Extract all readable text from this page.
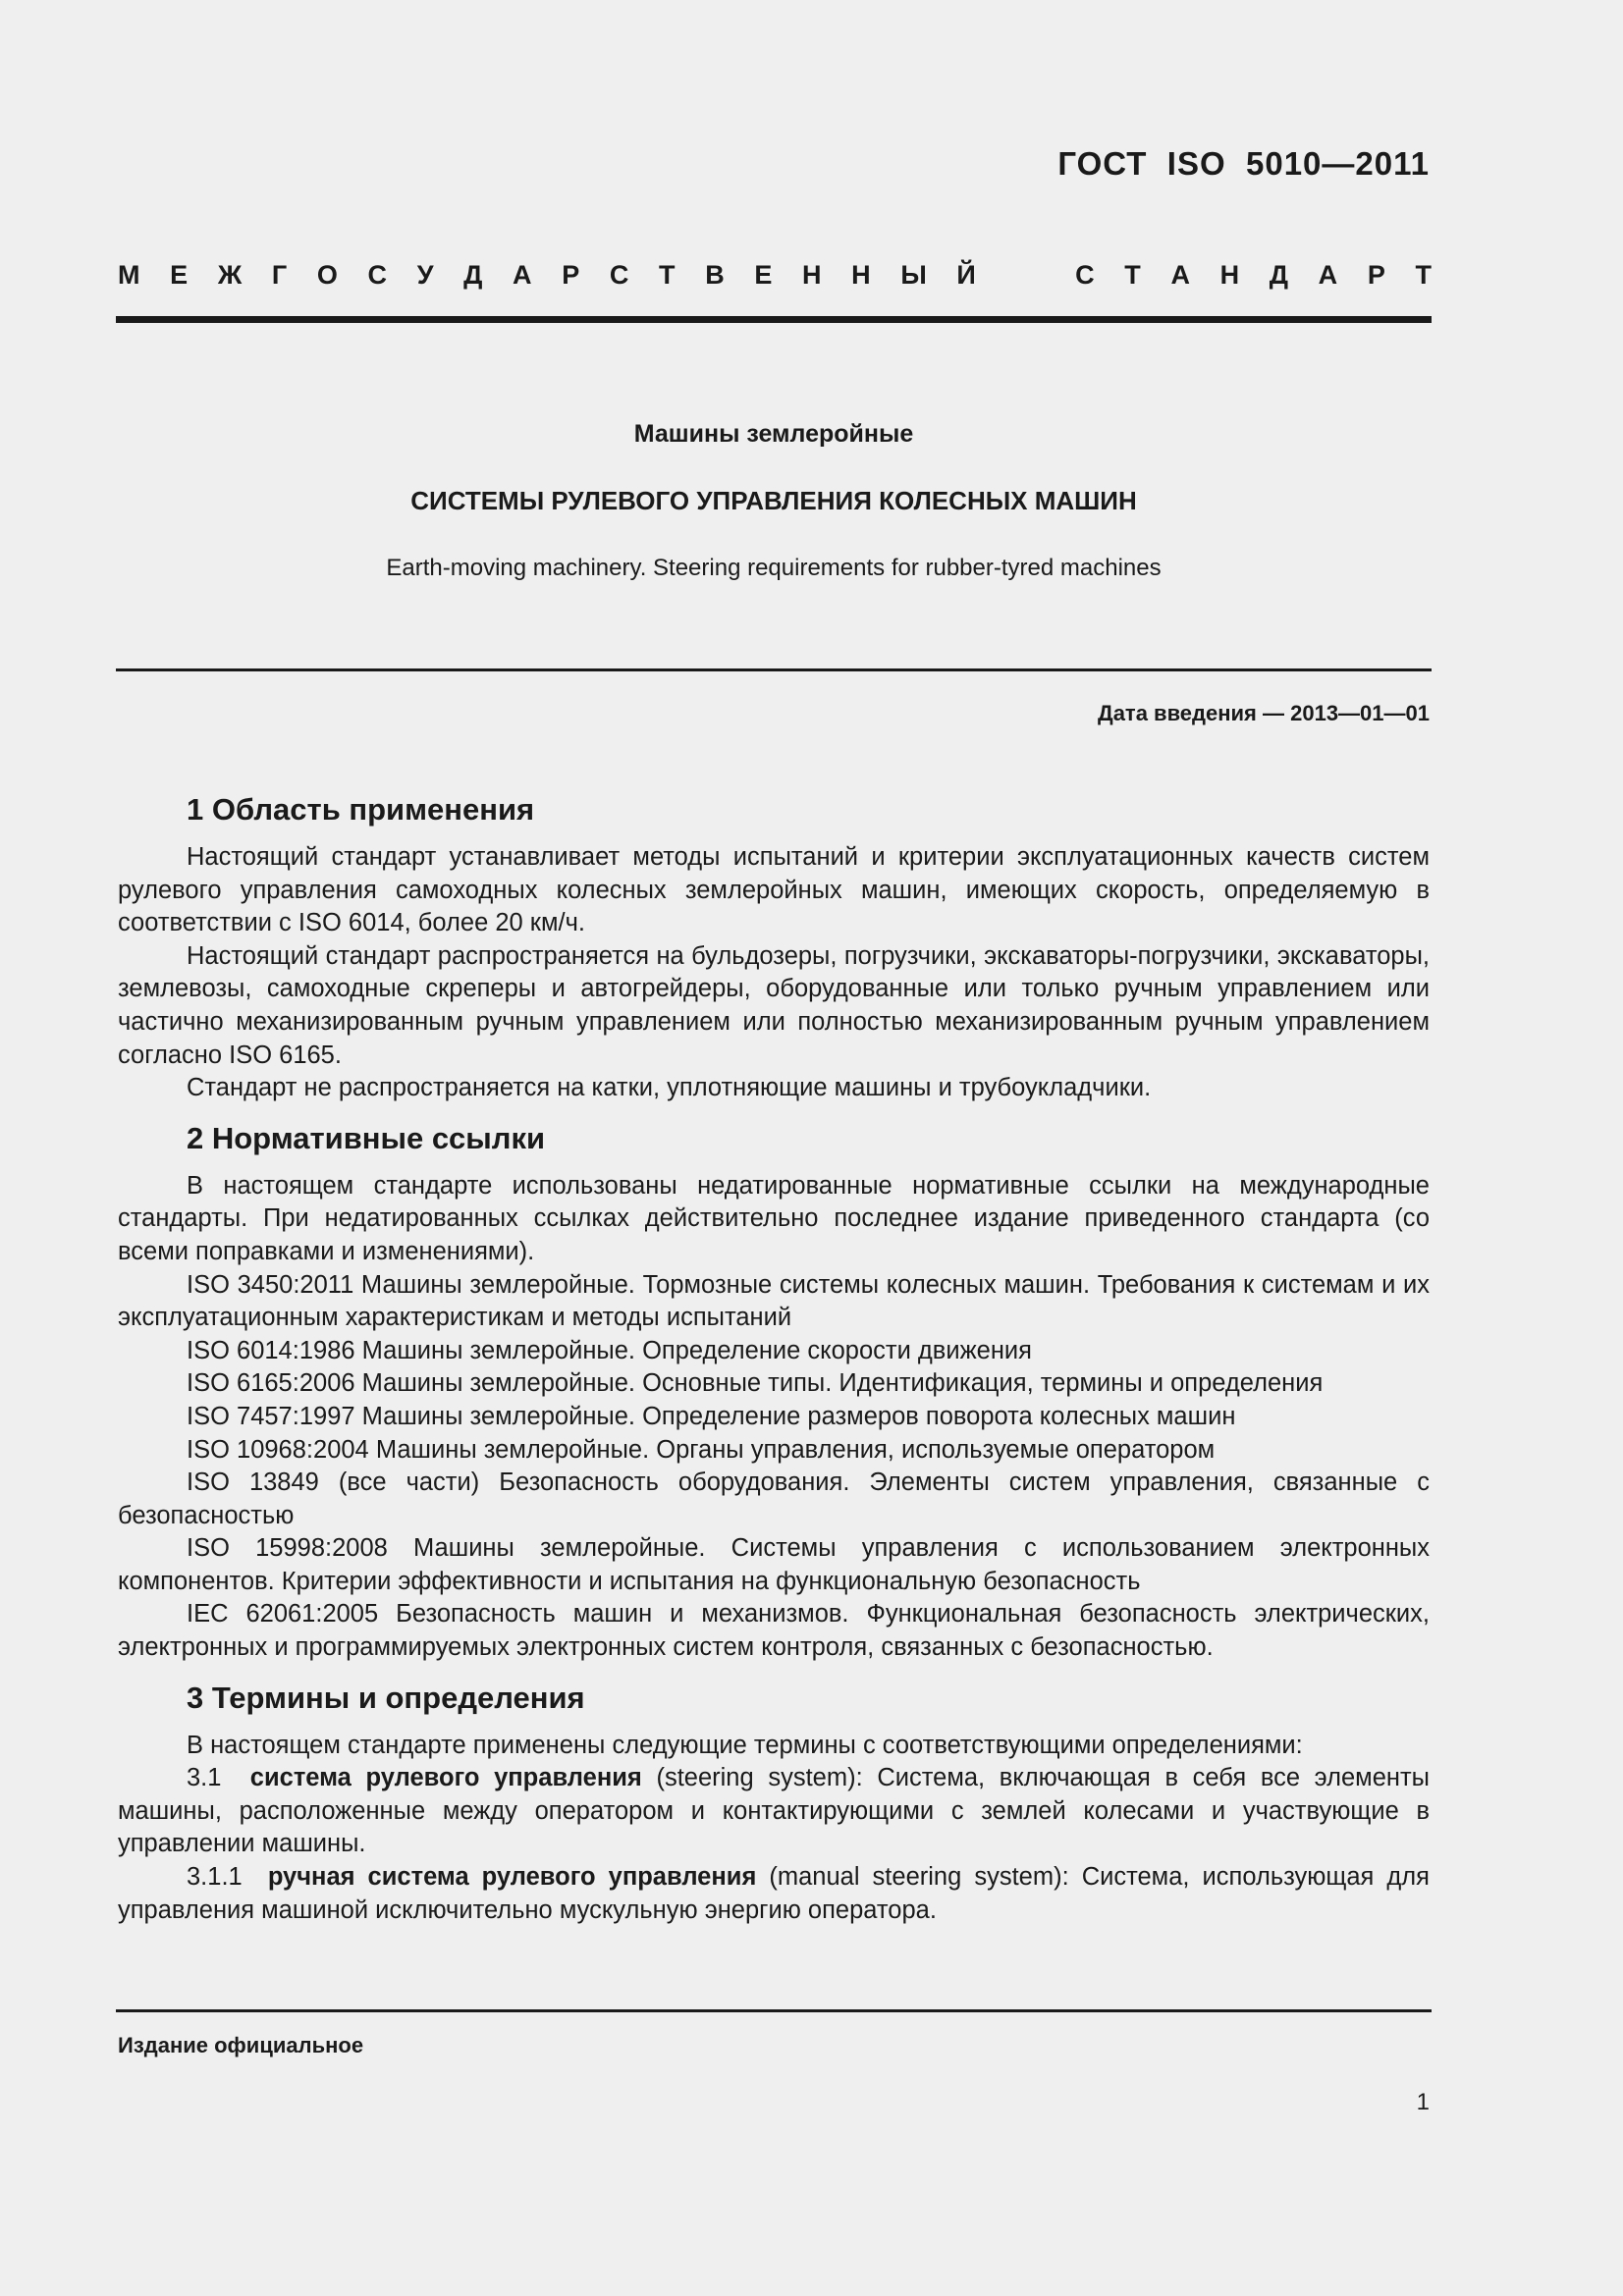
ГОСТ  ISO  5010—2011
М Е Ж Г О С У Д А Р С Т В Е Н Н Ы Й	С Т А Н Д А Р Т
Машины землеройные
СИСТЕМЫ РУЛЕВОГО УПРАВЛЕНИЯ КОЛЕСНЫХ МАШИН
Earth-moving machinery. Steering requirements for rubber-tyred machines
Дата введения — 2013—01—01
1 Область применения

Настоящий стандарт устанавливает методы испытаний и критерии эксплуатационных качеств систем рулевого управления самоходных колесных землеройных машин, имеющих скорость, определяемую в соответствии с ISO 6014, более 20 км/ч.

Настоящий стандарт распространяется на бульдозеры, погрузчики, экскаваторы-погрузчики, экскаваторы, землевозы, самоходные скреперы и автогрейдеры, оборудованные или только ручным управлением или частично механизированным ручным управлением или полностью механизированным ручным управлением согласно ISO 6165.

Стандарт не распространяется на катки, уплотняющие машины и трубоукладчики.

2 Нормативные ссылки

В настоящем стандарте использованы недатированные нормативные ссылки на международные стандарты. При недатированных ссылках действительно последнее издание приведенного стандарта (со всеми поправками и изменениями).

ISO 3450:2011 Машины землеройные. Тормозные системы колесных машин. Требования к системам и их эксплуатационным характеристикам и методы испытаний

ISO 6014:1986 Машины землеройные. Определение скорости движения

ISO 6165:2006 Машины землеройные. Основные типы. Идентификация, термины и определения

ISO 7457:1997 Машины землеройные. Определение размеров поворота колесных машин

ISO 10968:2004 Машины землеройные. Органы управления, используемые оператором

ISO 13849 (все части) Безопасность оборудования. Элементы систем управления, связанные с безопасностью

ISO 15998:2008 Машины землеройные. Системы управления с использованием электронных компонентов. Критерии эффективности и испытания на функциональную безопасность

IEC 62061:2005 Безопасность машин и механизмов. Функциональная безопасность электрических, электронных и программируемых электронных систем контроля, связанных с безопасностью.

3 Термины и определения

В настоящем стандарте применены следующие термины с соответствующими определениями:

3.1  система рулевого управления (steering system): Система, включающая в себя все элементы машины, расположенные между оператором и контактирующими с землей колесами и участвующие в управлении машины.

3.1.1  ручная система рулевого управления (manual steering system): Система, использующая для управления машиной исключительно мускульную энергию оператора.

Издание официальное
1
